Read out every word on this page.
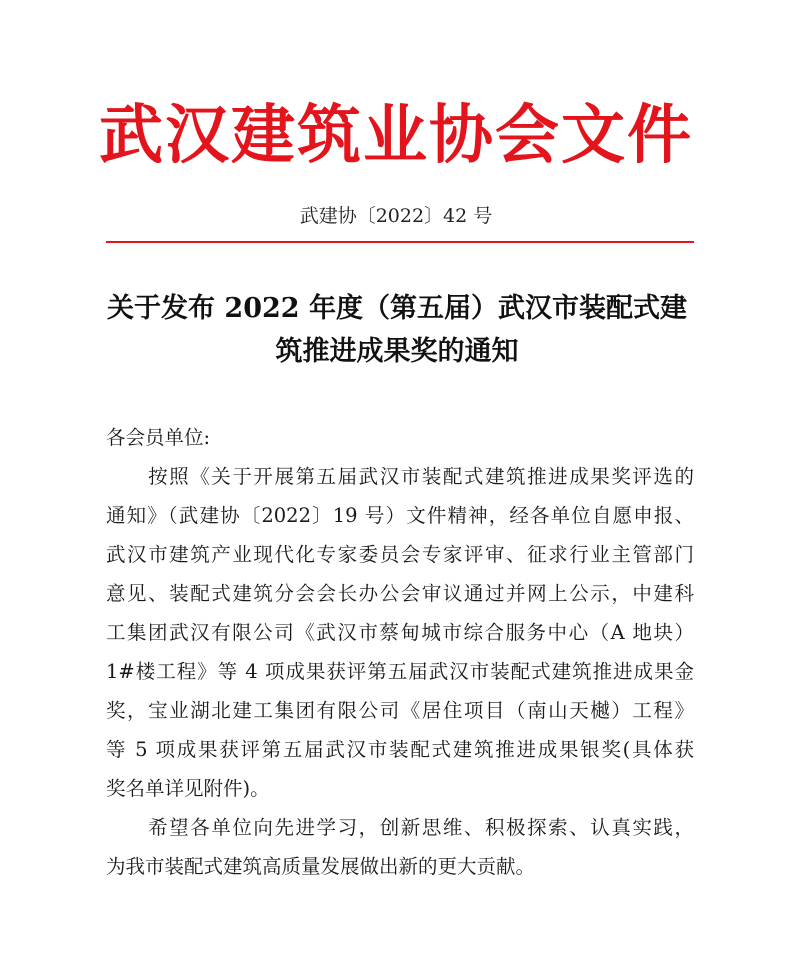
武汉建筑业协会文件
武建协〔2022〕42 号
关于发布 2022 年度（第五届）武汉市装配式建
筑推进成果奖的通知
各会员单位:
　　按照《关于开展第五届武汉市装配式建筑推进成果奖评选的
通知》（武建协〔2022〕19 号）文件精神，经各单位自愿申报、
武汉市建筑产业现代化专家委员会专家评审、征求行业主管部门
意见、装配式建筑分会会长办公会审议通过并网上公示，中建科
工集团武汉有限公司《武汉市蔡甸城市综合服务中心（A 地块）
1#楼工程》等 4 项成果获评第五届武汉市装配式建筑推进成果金
奖，宝业湖北建工集团有限公司《居住项目（南山天樾）工程》
等 5 项成果获评第五届武汉市装配式建筑推进成果银奖(具体获
奖名单详见附件)。
　　希望各单位向先进学习，创新思维、积极探索、认真实践，
为我市装配式建筑高质量发展做出新的更大贡献。
